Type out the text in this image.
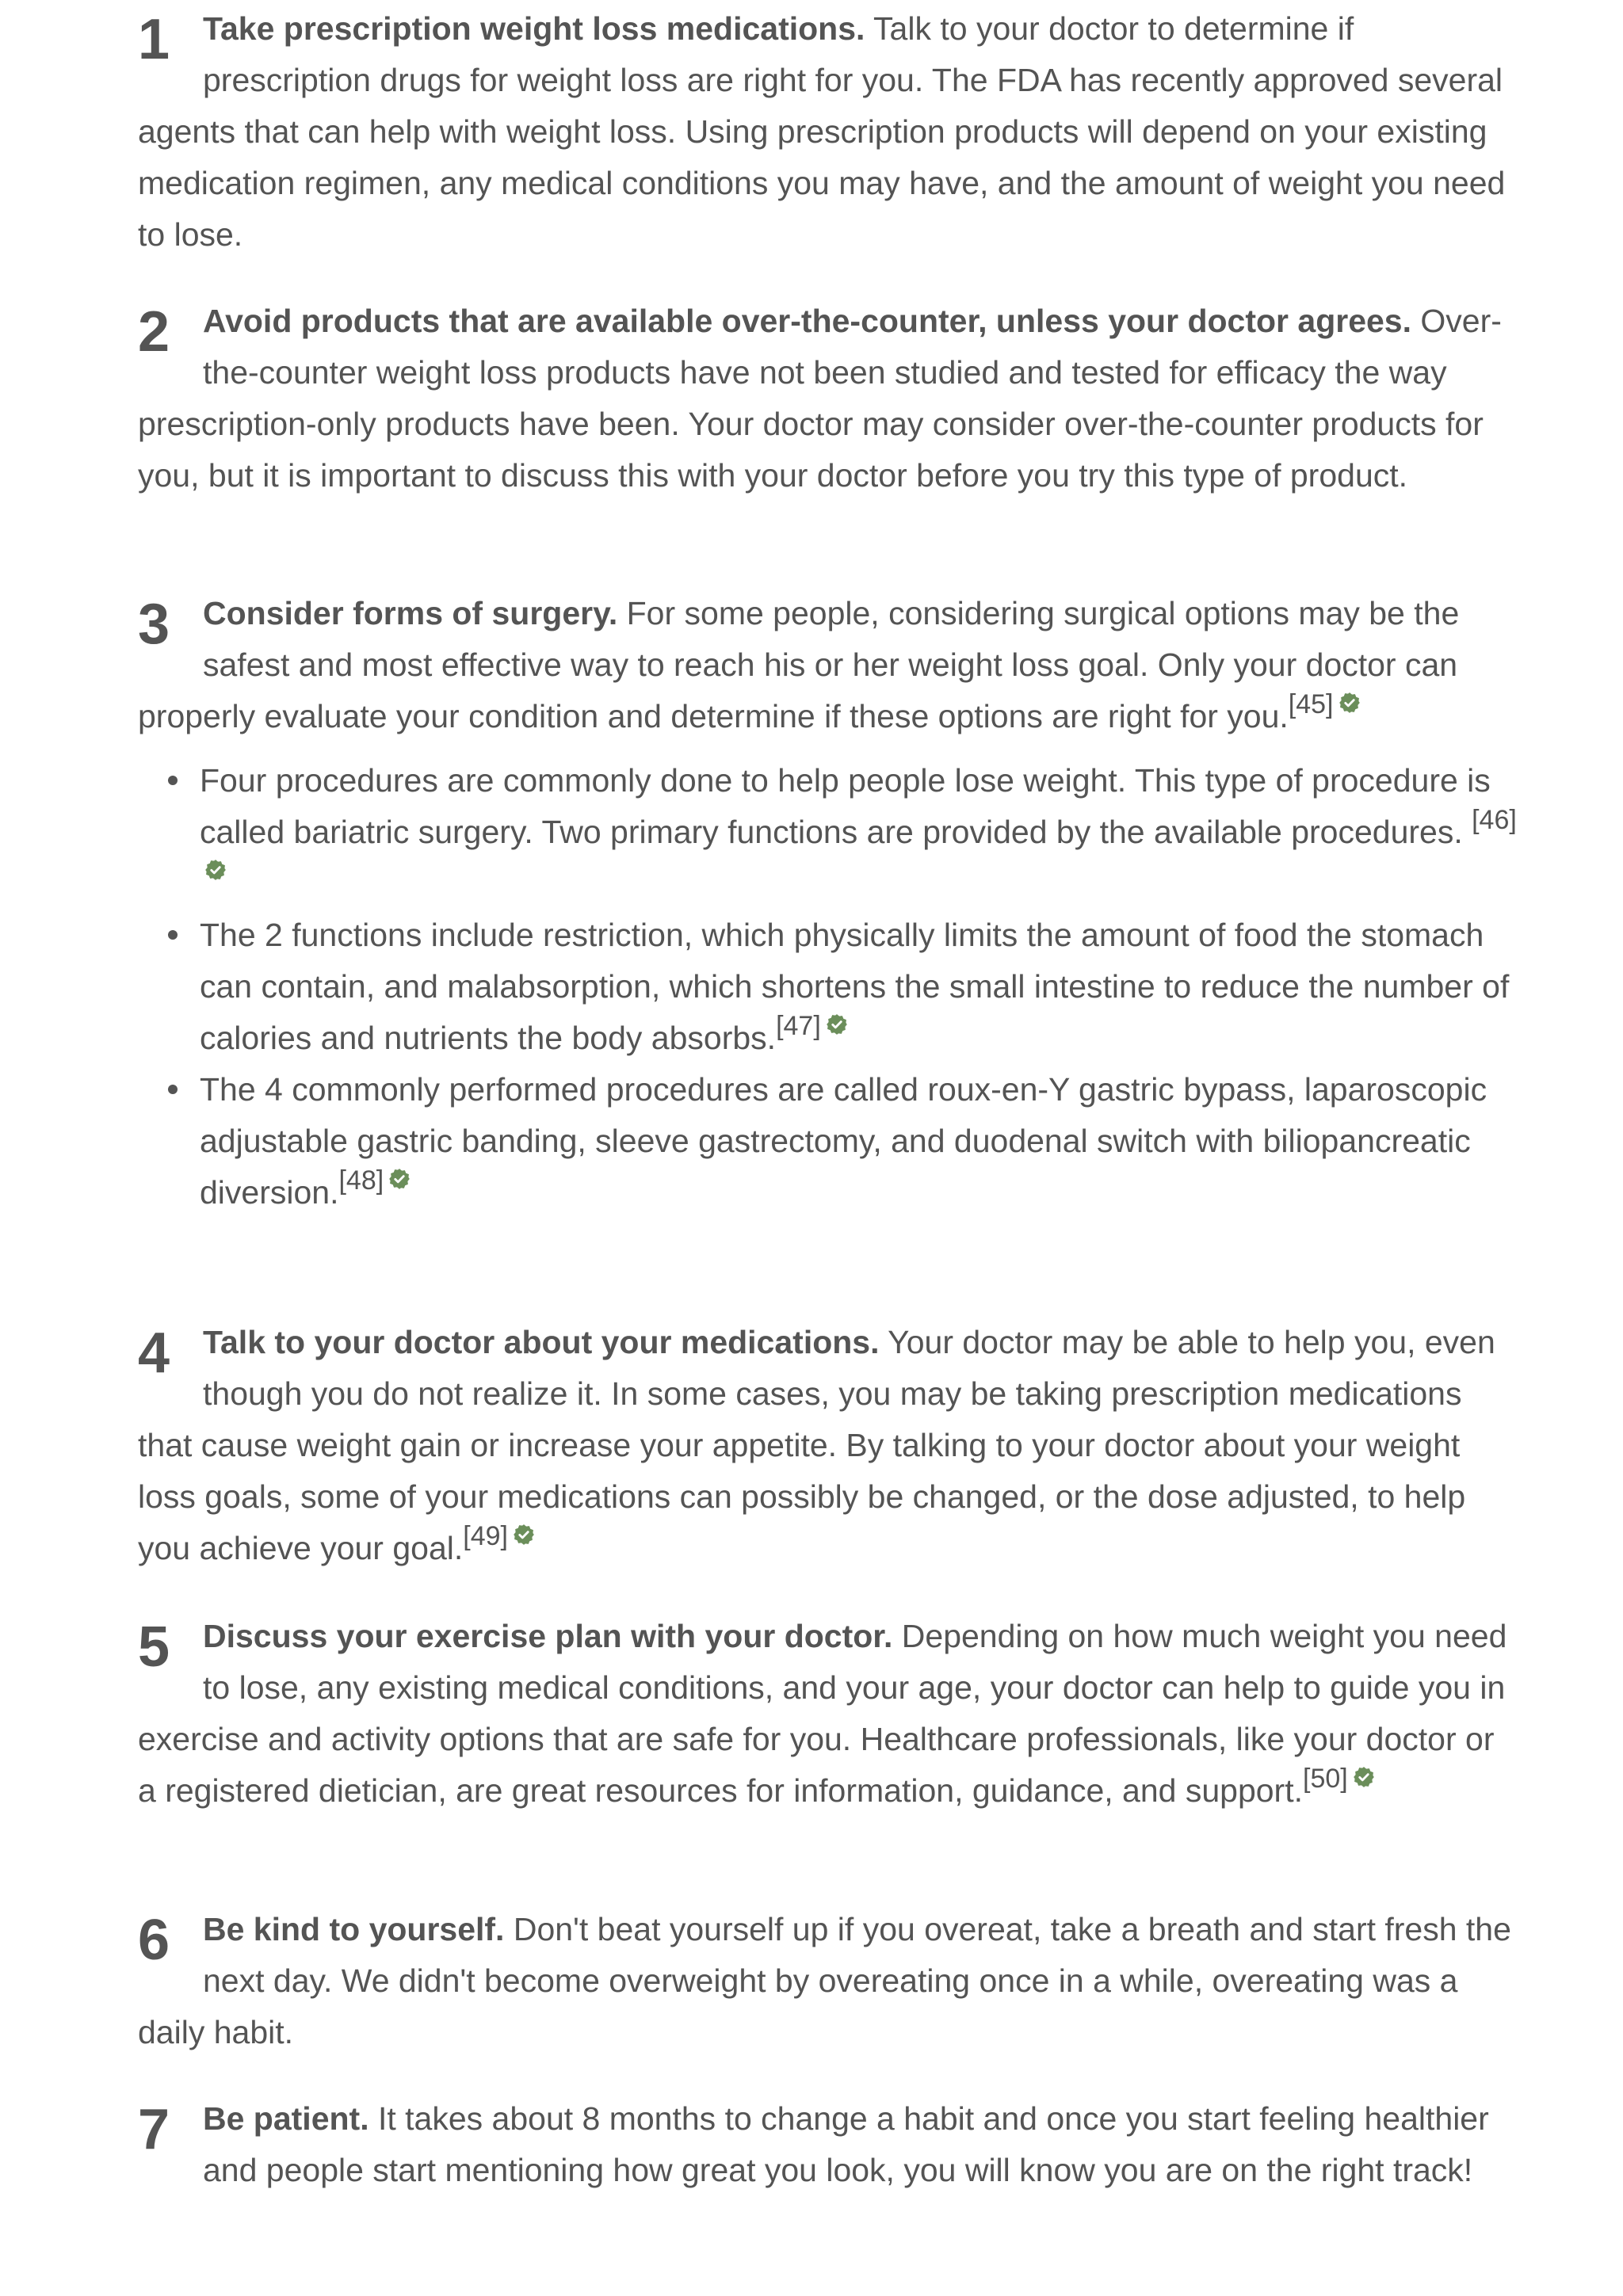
1	Take prescription weight loss medications. Talk to your doctor to determine if prescription drugs for weight loss are right for you. The FDA has recently approved several agents that can help with weight loss. Using prescription products will depend on your existing medication regimen, any medical conditions you may have, and the amount of weight you need to lose.

2	Avoid products that are available over-the-counter, unless your doctor agrees. Over-the-counter weight loss products have not been studied and tested for efficacy the way prescription-only products have been. Your doctor may consider over-the-counter products for you, but it is important to discuss this with your doctor before you try this type of product.

3	Consider forms of surgery. For some people, considering surgical options may be the safest and most effective way to reach his or her weight loss goal. Only your doctor can properly evaluate your condition and determine if these options are right for you.[45]

Four procedures are commonly done to help people lose weight. This type of procedure is called bariatric surgery. Two primary functions are provided by the available procedures. [46]
The 2 functions include restriction, which physically limits the amount of food the stomach can contain, and malabsorption, which shortens the small intestine to reduce the number of calories and nutrients the body absorbs.[47]
The 4 commonly performed procedures are called roux-en-Y gastric bypass, laparoscopic adjustable gastric banding, sleeve gastrectomy, and duodenal switch with biliopancreatic diversion.[48]
4	Talk to your doctor about your medications. Your doctor may be able to help you, even though you do not realize it. In some cases, you may be taking prescription medications that cause weight gain or increase your appetite. By talking to your doctor about your weight loss goals, some of your medications can possibly be changed, or the dose adjusted, to help you achieve your goal.[49]

5	Discuss your exercise plan with your doctor. Depending on how much weight you need to lose, any existing medical conditions, and your age, your doctor can help to guide you in exercise and activity options that are safe for you. Healthcare professionals, like your doctor or a registered dietician, are great resources for information, guidance, and support.[50]

6	Be kind to yourself. Don't beat yourself up if you overeat, take a breath and start fresh the next day. We didn't become overweight by overeating once in a while, overeating was a daily habit.

7	Be patient. It takes about 8 months to change a habit and once you start feeling healthier and people start mentioning how great you look, you will know you are on the right track!
